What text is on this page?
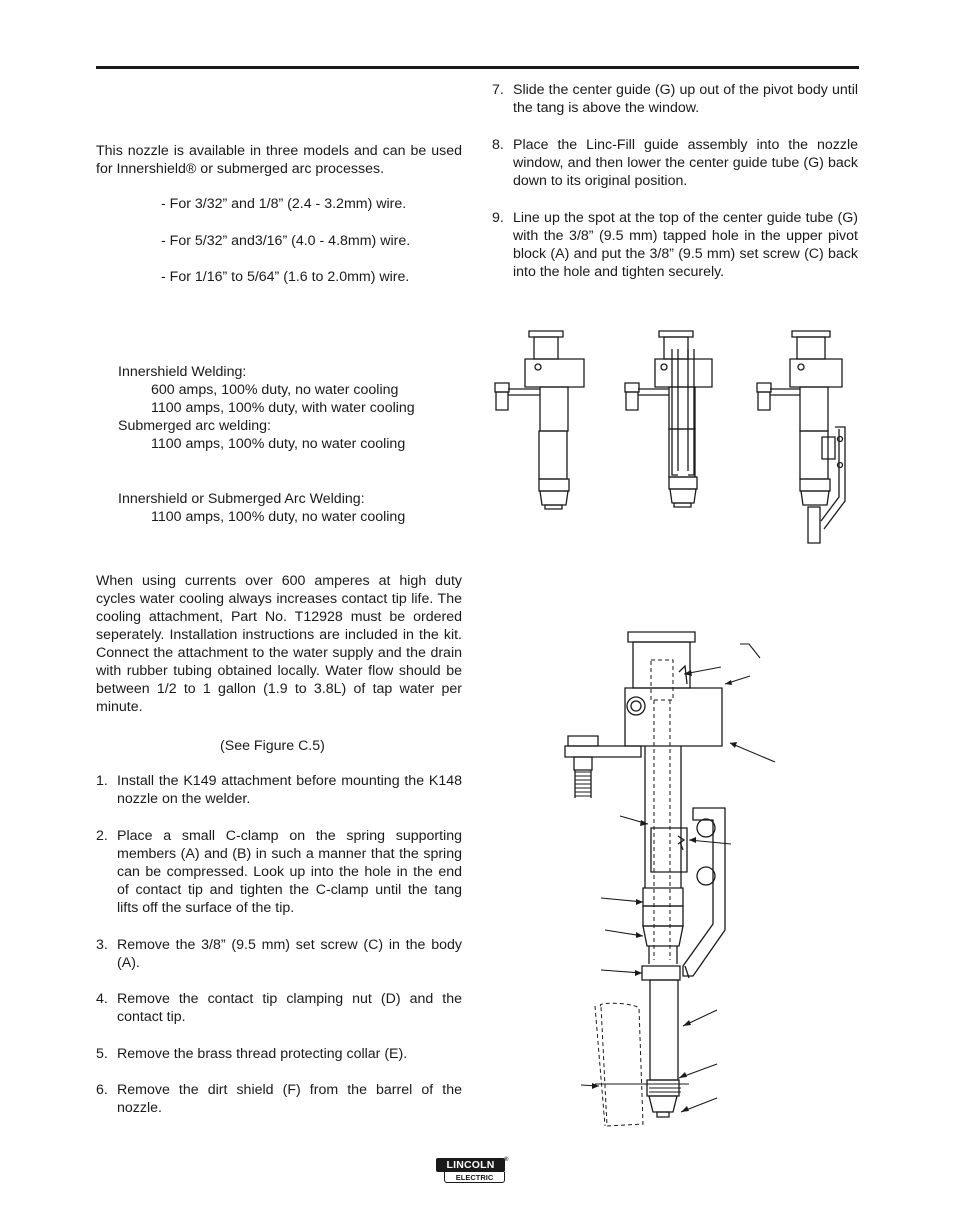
This nozzle is available in three models and can be used for Innershield® or submerged arc processes.

- For 3/32” and 1/8” (2.4 - 3.2mm) wire.

- For 5/32” and3/16” (4.0 - 4.8mm) wire.

- For 1/16” to 5/64” (1.6 to 2.0mm) wire.

Innershield Welding:

600 amps, 100% duty, no water cooling

1100 amps, 100% duty, with water cooling

Submerged arc welding:

1100 amps, 100% duty, no water cooling

Innershield or Submerged Arc Welding:

1100 amps, 100% duty, no water cooling

When using currents over 600 amperes at high duty cycles water cooling always increases contact tip life. The cooling attachment, Part No. T12928 must be ordered seperately. Installation instructions are included in the kit. Connect the attachment to the water supply and the drain with rubber tubing obtained locally. Water flow should be between 1/2 to 1 gallon (1.9 to 3.8L) of tap water per minute.

(See Figure C.5)

1. Install the K149 attachment before mounting the K148 nozzle on the welder.
2. Place a small C-clamp on the spring supporting members (A) and (B) in such a manner that the spring can be compressed. Look up into the hole in the end of contact tip and tighten the C-clamp until the tang lifts off the surface of the tip.
3. Remove the 3/8” (9.5 mm) set screw (C) in the body (A).
4. Remove the contact tip clamping nut (D) and the contact tip.
5. Remove the brass thread protecting collar (E).
6. Remove the dirt shield (F) from the barrel of the nozzle.
7. Slide the center guide (G) up out of the pivot body until the tang is above the window.
8. Place the Linc-Fill guide assembly into the nozzle window, and then lower the center guide tube (G) back down to its original position.
9. Line up the spot at the top of the center guide tube (G) with the 3/8” (9.5 mm) tapped hole in the upper pivot block (A) and put the 3/8” (9.5 mm) set screw (C) back into the hole and tighten securely.
LINCOLN
ELECTRIC
®
